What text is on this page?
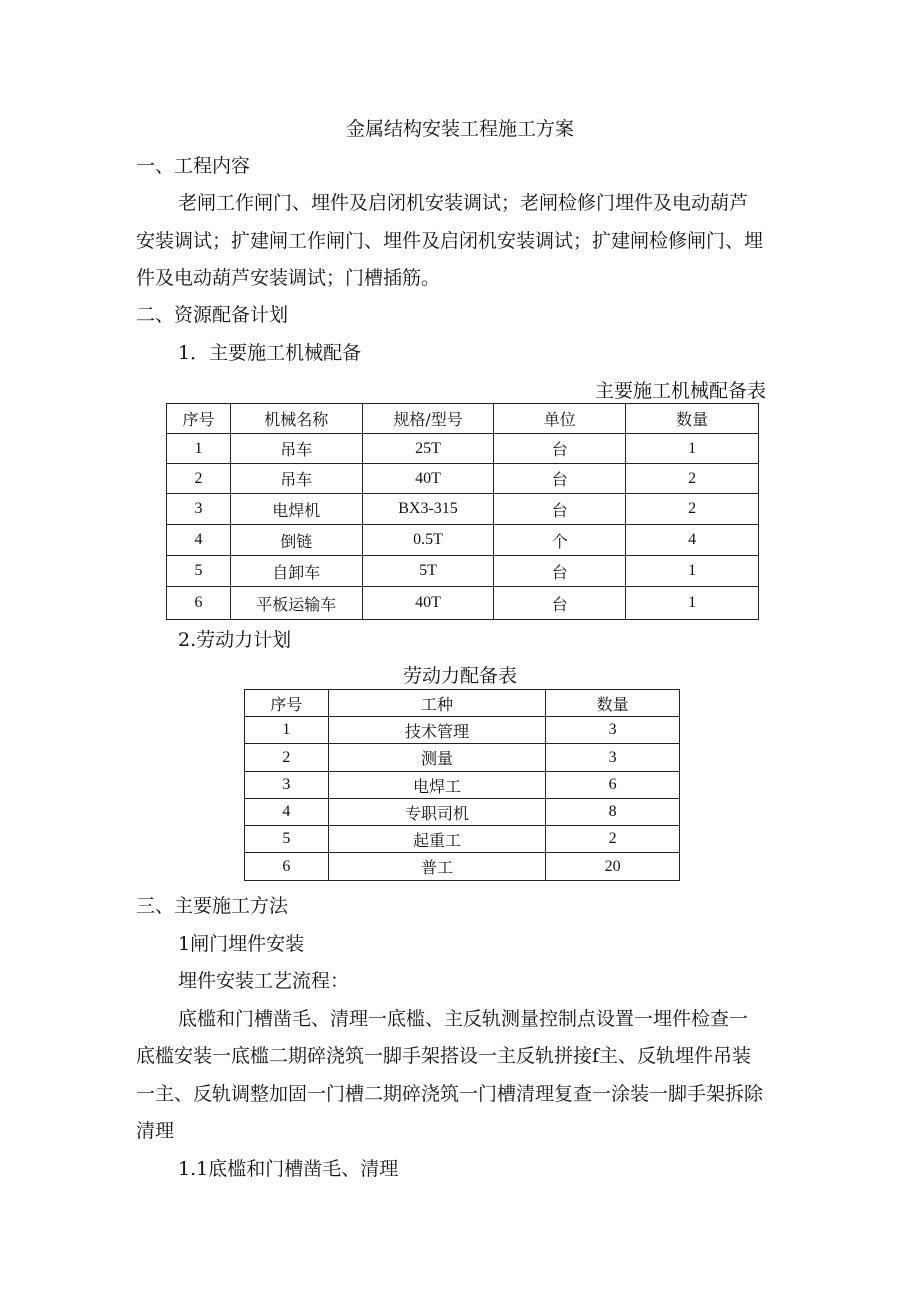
金属结构安装工程施工方案
一、工程内容
老闸工作闸门、埋件及启闭机安装调试；老闸检修门埋件及电动葫芦
安装调试；扩建闸工作闸门、埋件及启闭机安装调试；扩建闸检修闸门、埋
件及电动葫芦安装调试；门槽插筋。
二、资源配备计划
1．主要施工机械配备
主要施工机械配备表
序号	机械名称	规格/型号	单位	数量
1	吊车	25T	台	1
2	吊车	40T	台	2
3	电焊机	BX3-315	台	2
4	倒链	0.5T	个	4
5	自卸车	5T	台	1
6	平板运输车	40T	台	1
2.劳动力计划
劳动力配备表
序号	工种	数量
1	技术管理	3
2	测量	3
3	电焊工	6
4	专职司机	8
5	起重工	2
6	普工	20
三、主要施工方法
1闸门埋件安装
埋件安装工艺流程：
底槛和门槽凿毛、清理一底槛、主反轨测量控制点设置一埋件检查一
底槛安装一底槛二期碎浇筑一脚手架搭设一主反轨拼接f主、反轨埋件吊装
一主、反轨调整加固一门槽二期碎浇筑一门槽清理复查一涂装一脚手架拆除
清理
1.1底槛和门槽凿毛、清理
